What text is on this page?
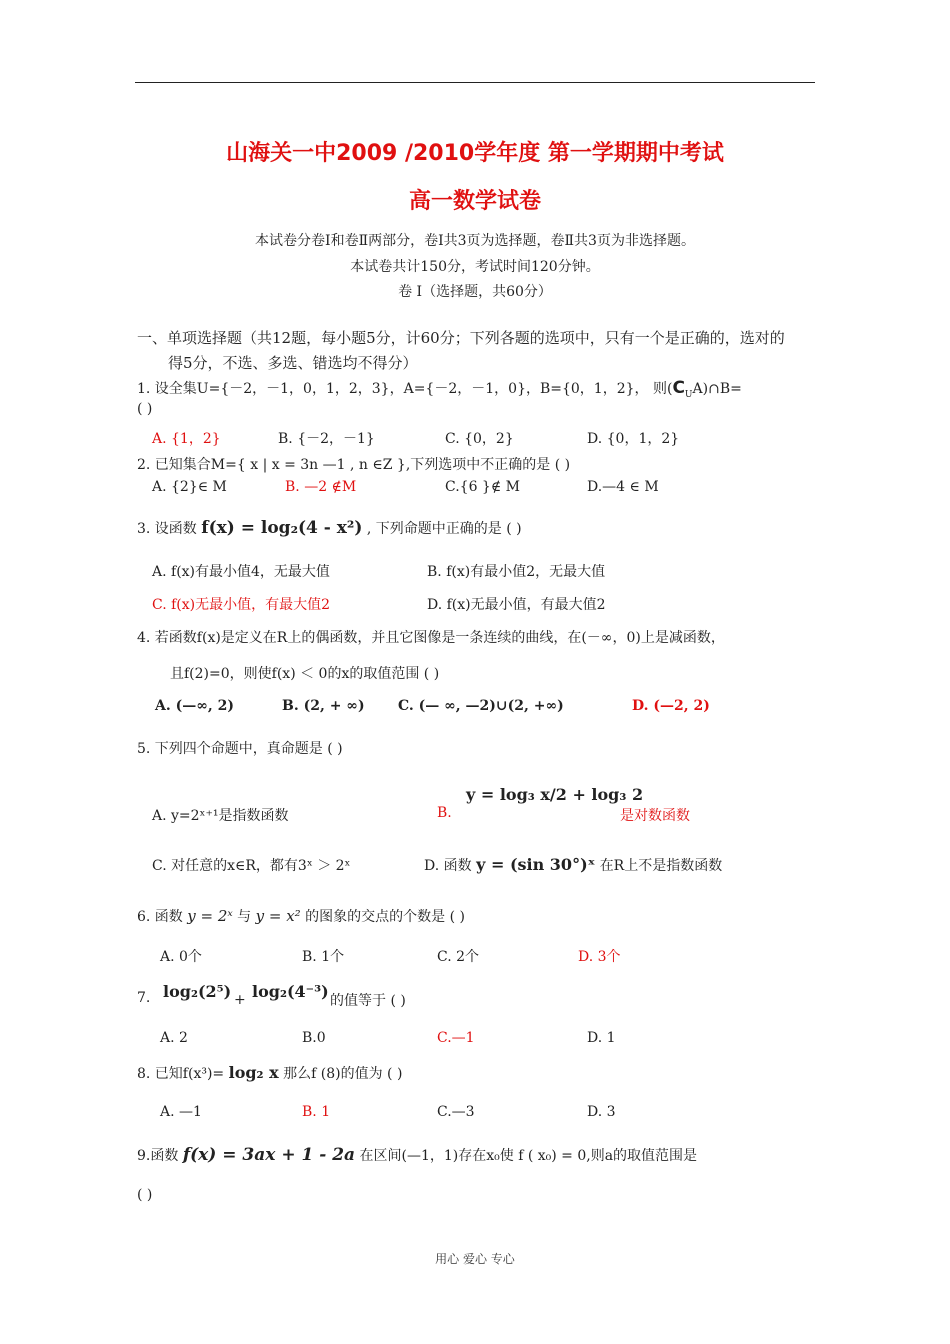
山海关一中2009 /2010学年度 第一学期期中考试
高一数学试卷
本试卷分卷Ⅰ和卷Ⅱ两部分，卷Ⅰ共3页为选择题，卷Ⅱ共3页为非选择题。
本试卷共计150分，考试时间120分钟。
卷 Ⅰ（选择题，共60分）
一、单项选择题（共12题，每小题5分，计60分；下列各题的选项中，只有一个是正确的，选对的
得5分，不选、多选、错选均不得分）
1. 设全集U={－2，－1，0，1，2，3}，A={－2，－1，0}，B={0，1，2}， 则$(C_UA)\cap B=$
( )
A. {1，2}	B. {－2，－1}	C. {0，2}	D. {0，1，2}
2. 已知集合M={ x | x = 3n —1 , n ∈Z },下列选项中不正确的是 ( )
A. {2}∈ M	B. —2 ∉M	C.{6 }∉ M	D.—4 ∈ M
3. 设函数 f(x) = log₂(4 - x²) , 下列命题中正确的是 ( )
A. f(x)有最小值4，无最大值	B. f(x)有最小值2，无最大值
C. f(x)无最小值，有最大值2	D. f(x)无最小值，有最大值2
4. 若函数f(x)是定义在R上的偶函数，并且它图像是一条连续的曲线，在(－∞，0)上是减函数，
且f(2)=0，则使f(x) ＜ 0的x的取值范围 ( )
A. (—∞, 2)	B. (2, + ∞) C. (— ∞, —2)∪(2, +∞)	D. (—2, 2)
5. 下列四个命题中，真命题是 ( )
A. y=2ˣ⁺¹是指数函数	B.
y = log₃ x/2 + log₃ 2
是对数函数
C. 对任意的x∈R，都有3ˣ ＞ 2ˣ	D. 函数 y = (sin 30°)ˣ 在R上不是指数函数
6. 函数 y = 2ˣ 与 y = x² 的图象的交点的个数是 ( )
A. 0个	B. 1个	C. 2个	D. 3个
7. log₂(2⁵) + log₂(4⁻³) 的值等于 ( )
A. 2	B.0	C.—1	D. 1
8. 已知f(x³)= log₂ x 那么f (8)的值为 ( )
A. —1	B. 1	C.—3	D. 3
9.函数 f(x) = 3ax + 1 - 2a 在区间(—1，1)存在x₀使 f ( x₀) = 0,则a的取值范围是
( )
用心 爱心 专心
